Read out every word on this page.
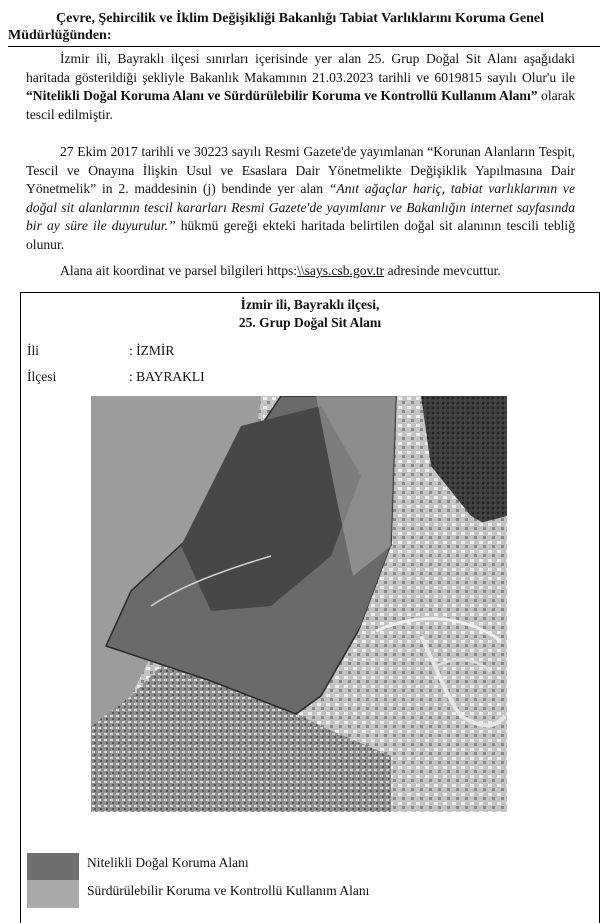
Çevre, Şehircilik ve İklim Değişikliği Bakanlığı Tabiat Varlıklarını Koruma Genel
Müdürlüğünden:
İzmir ili, Bayraklı ilçesi sınırları içerisinde yer alan 25. Grup Doğal Sit Alanı aşağıdaki haritada gösterildiği şekliyle Bakanlık Makamının 21.03.2023 tarihli ve 6019815 sayılı Olur'u ile “Nitelikli Doğal Koruma Alanı ve Sürdürülebilir Koruma ve Kontrollü Kullanım Alanı” olarak tescil edilmiştir.
27 Ekim 2017 tarihli ve 30223 sayılı Resmi Gazete'de yayımlanan “Korunan Alanların Tespit, Tescil ve Onayına İlişkin Usul ve Esaslara Dair Yönetmelikte Değişiklik Yapılmasına Dair Yönetmelik” in 2. maddesinin (j) bendinde yer alan “Anıt ağaçlar hariç, tabiat varlıklarının ve doğal sit alanlarının tescil kararları Resmi Gazete'de yayımlanır ve Bakanlığın internet sayfasında bir ay süre ile duyurulur.” hükmü gereği ekteki haritada belirtilen doğal sit alanının tescili tebliğ olunur.
Alana ait koordinat ve parsel bilgileri https:\\says.csb.gov.tr adresinde mevcuttur.
İzmir ili, Bayraklı ilçesi,
25. Grup Doğal Sit Alanı
İli	: İZMİR
İlçesi	: BAYRAKLI
Nitelikli Doğal Koruma Alanı
Sürdürülebilir Koruma ve Kontrollü Kullanım Alanı
